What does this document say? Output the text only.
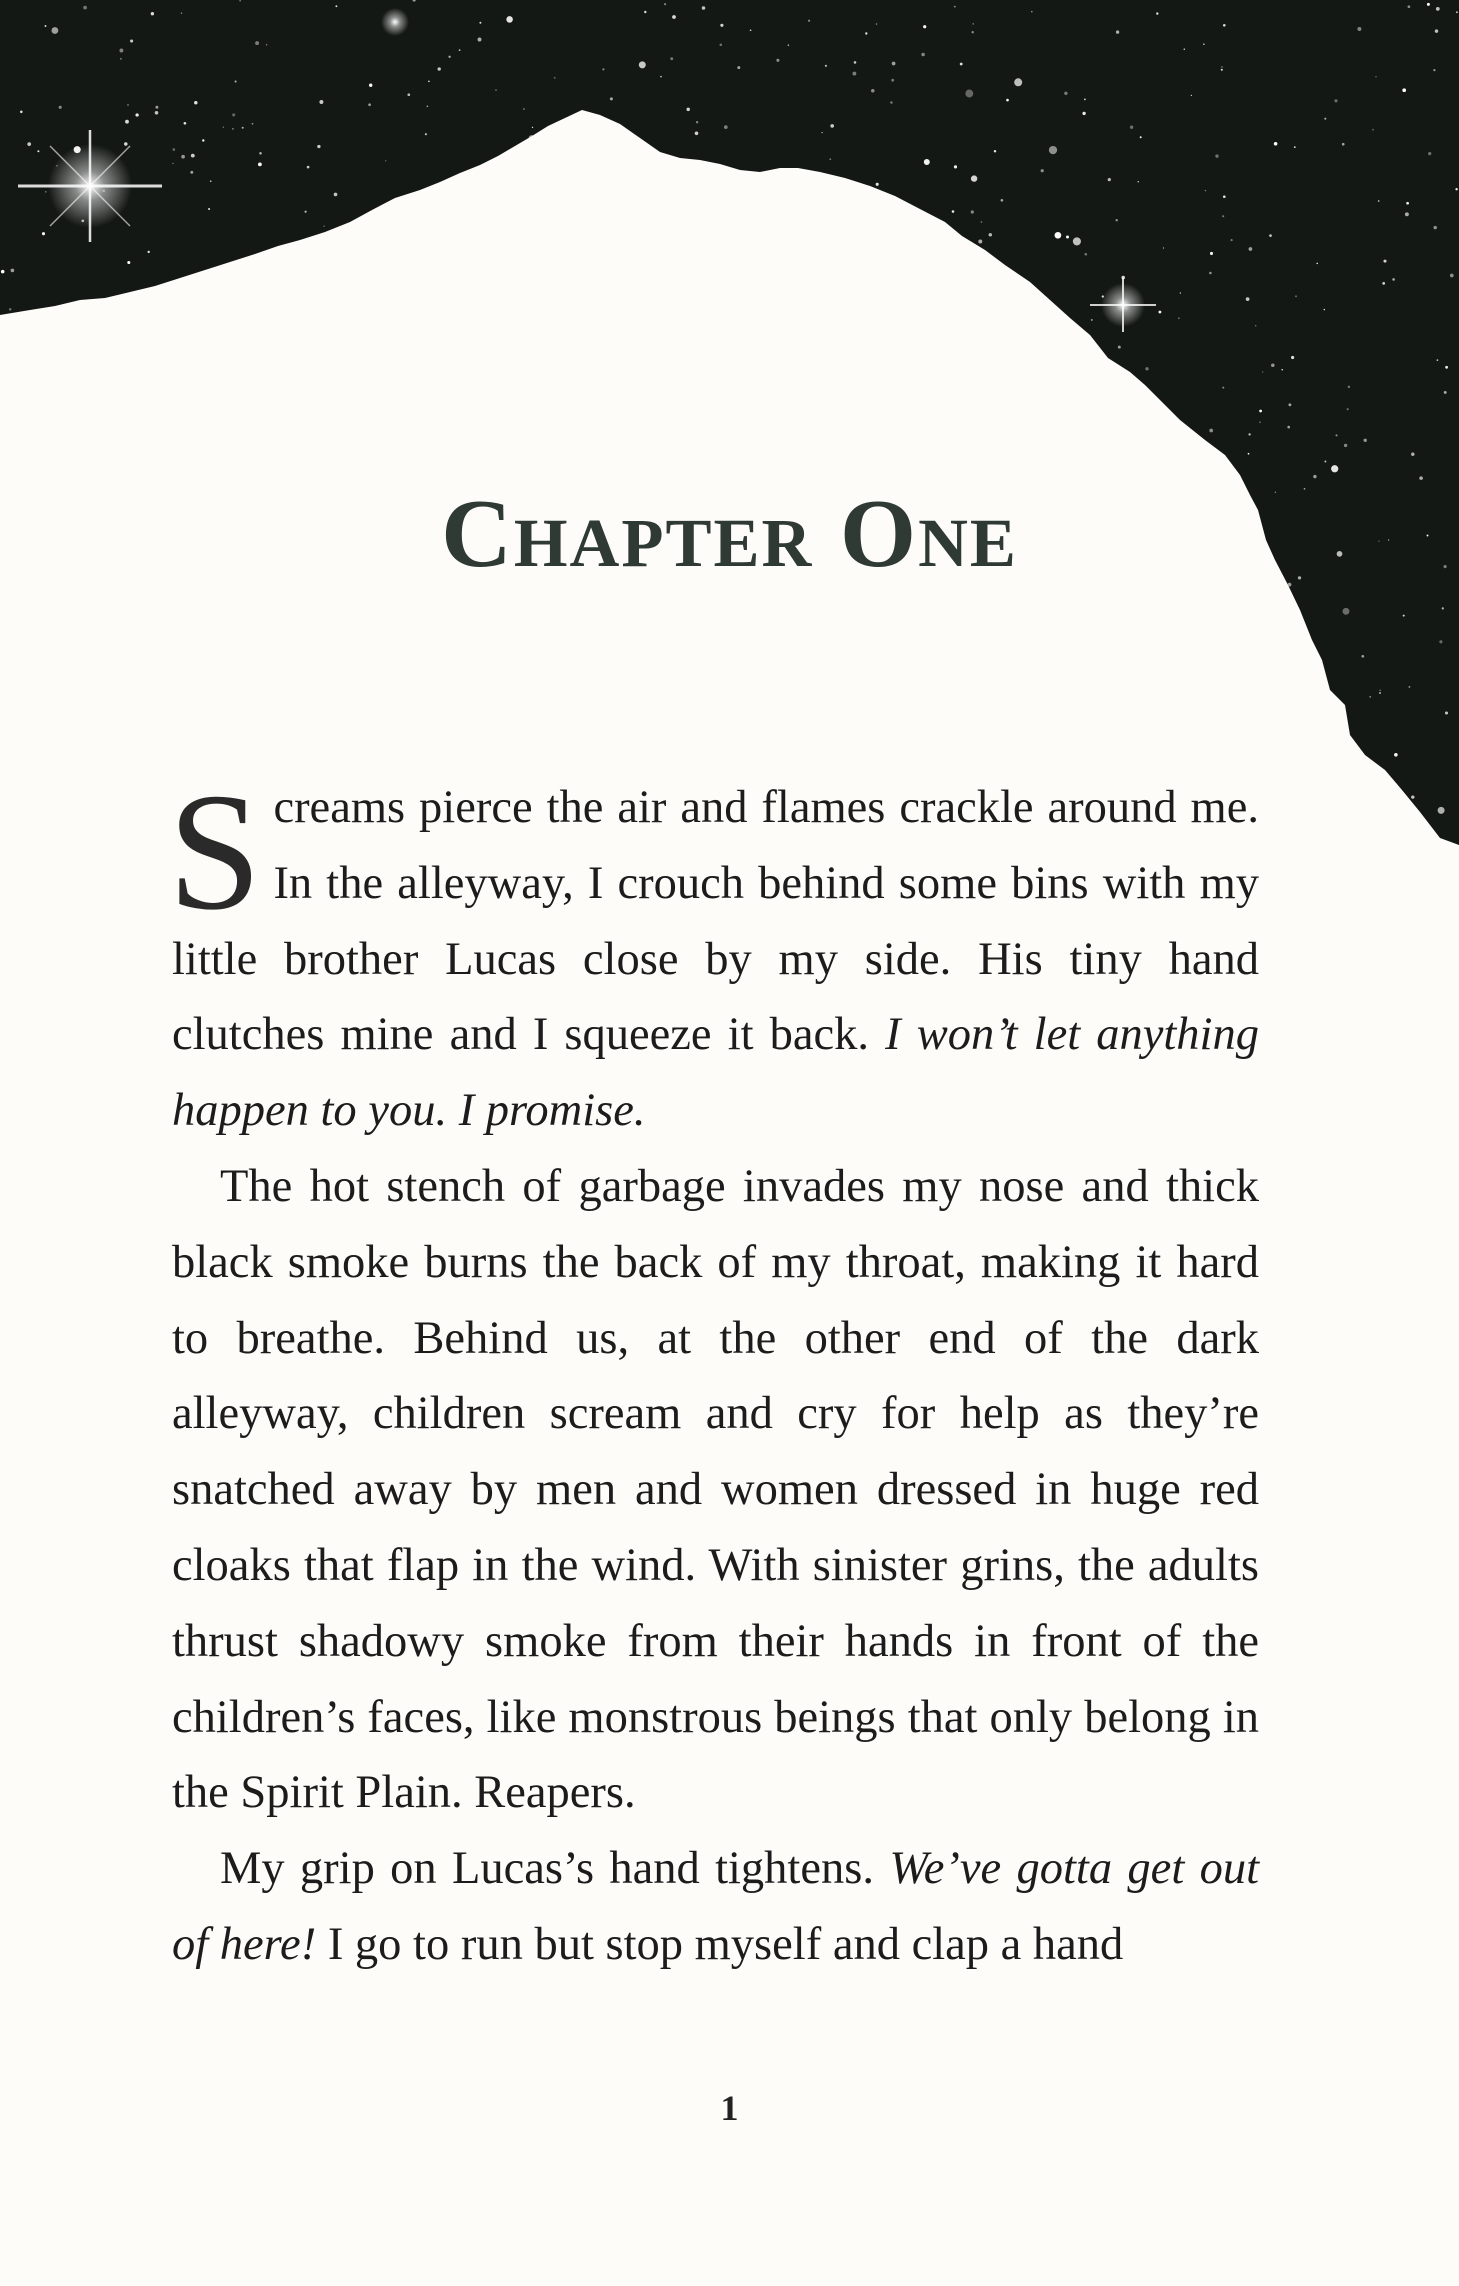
Chapter One

Screams pierce the air and flames crackle around me. In the alleyway, I crouch behind some bins with my little brother Lucas close by my side. His tiny hand clutches mine and I squeeze it back. I won’t let anything happen to you. I promise.

The hot stench of garbage invades my nose and thick black smoke burns the back of my throat, making it hard to breathe. Behind us, at the other end of the dark alleyway, children scream and cry for help as they’re snatched away by men and women dressed in huge red cloaks that flap in the wind. With sinister grins, the adults thrust shadowy smoke from their hands in front of the children’s faces, like monstrous beings that only belong in the Spirit Plain. Reapers.

My grip on Lucas’s hand tightens. We’ve gotta get out of here! I go to run but stop myself and clap a hand

1
